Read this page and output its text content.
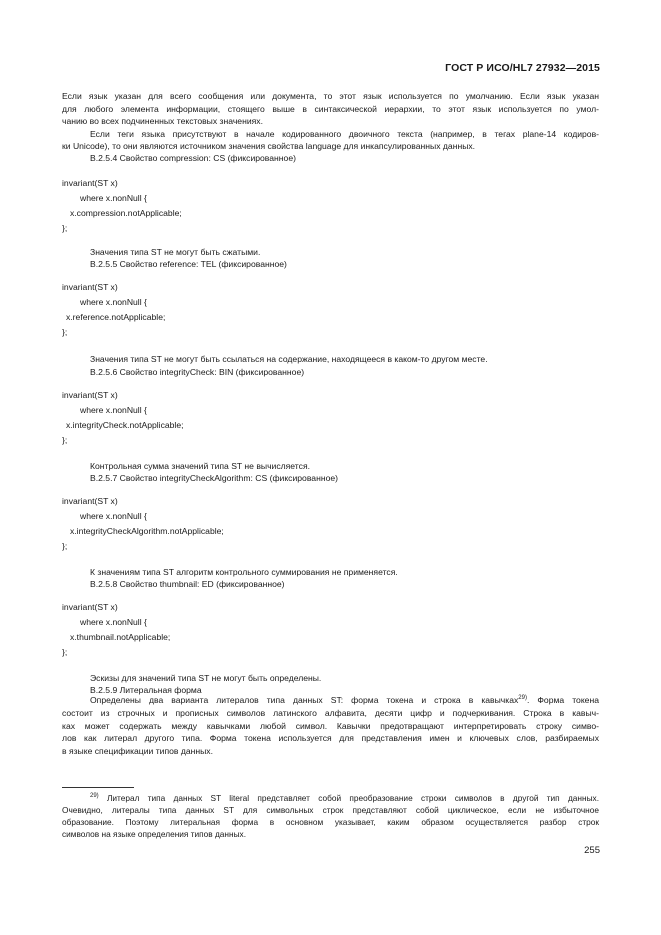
ГОСТ Р ИСО/HL7 27932—2015
Если язык указан для всего сообщения или документа, то этот язык используется по умолчанию. Если язык указан
для любого элемента информации, стоящего выше в синтаксической иерархии, то этот язык используется по умол-
чанию во всех подчиненных текстовых значениях.
Если теги языка присутствуют в начале кодированного двоичного текста (например, в тегах plane-14 кодиров-
ки Unicode), то они являются источником значения свойства language для инкапсулированных данных.
B.2.5.4 Свойство compression: CS (фиксированное)
invariant(ST x)
where x.nonNull {
x.compression.notApplicable;
};
Значения типа ST не могут быть сжатыми.
B.2.5.5 Свойство reference: TEL (фиксированное)
invariant(ST x)
where x.nonNull {
x.reference.notApplicable;
};
Значения типа ST не могут быть ссылаться на содержание, находящееся в каком-то другом месте.
B.2.5.6 Свойство integrityCheck: BIN (фиксированное)
invariant(ST x)
where x.nonNull {
x.integrityCheck.notApplicable;
};
Контрольная сумма значений типа ST не вычисляется.
B.2.5.7 Свойство integrityCheckAlgorithm: CS (фиксированное)
invariant(ST x)
where x.nonNull {
x.integrityCheckAlgorithm.notApplicable;
};
К значениям типа ST алгоритм контрольного суммирования не применяется.
B.2.5.8 Свойство thumbnail: ED (фиксированное)
invariant(ST x)
where x.nonNull {
x.thumbnail.notApplicable;
};
Эскизы для значений типа ST не могут быть определены.
B.2.5.9 Литеральная форма
Определены два варианта литералов типа данных ST: форма токена и строка в кавычках$^{29)}$. Форма токена
состоит из строчных и прописных символов латинского алфавита, десяти цифр и подчеркивания. Строка в кавыч-
ках может содержать между кавычками любой символ. Кавычки предотвращают интерпретировать строку симво-
лов как литерал другого типа. Форма токена используется для представления имен и ключевых слов, разбираемых
в языке спецификации типов данных.
$^{29)}$ Литерал типа данных ST literal представляет собой преобразование строки символов в другой тип данных.
Очевидно, литералы типа данных ST для символьных строк представляют собой циклическое, если не избыточное
образование. Поэтому литеральная форма в основном указывает, каким образом осуществляется разбор строк
символов на языке определения типов данных.
255
